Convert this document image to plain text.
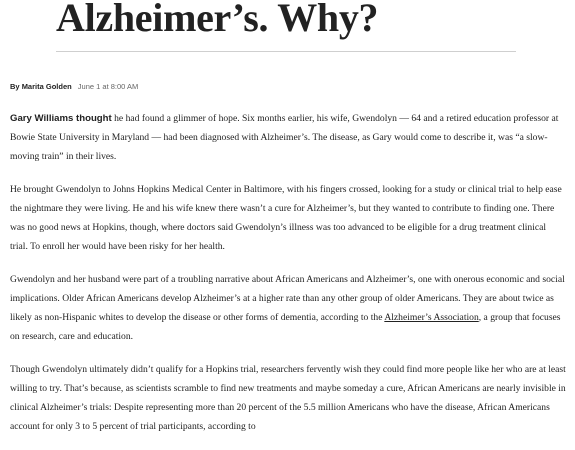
Alzheimer’s. Why?
By Marita Golden June 1 at 8:00 AM

Gary Williams thought he had found a glimmer of hope. Six months earlier, his wife, Gwendolyn — 64 and a retired education professor at Bowie State University in Maryland — had been diagnosed with Alzheimer’s. The disease, as Gary would come to describe it, was “a slow-moving train” in their lives.

He brought Gwendolyn to Johns Hopkins Medical Center in Baltimore, with his fingers crossed, looking for a study or clinical trial to help ease the nightmare they were living. He and his wife knew there wasn’t a cure for Alzheimer’s, but they wanted to contribute to finding one. There was no good news at Hopkins, though, where doctors said Gwendolyn’s illness was too advanced to be eligible for a drug treatment clinical trial. To enroll her would have been risky for her health.

Gwendolyn and her husband were part of a troubling narrative about African Americans and Alzheimer’s, one with onerous economic and social implications. Older African Americans develop Alzheimer’s at a higher rate than any other group of older Americans. They are about twice as likely as non-Hispanic whites to develop the disease or other forms of dementia, according to the Alzheimer’s Association, a group that focuses on research, care and education.

Though Gwendolyn ultimately didn’t qualify for a Hopkins trial, researchers fervently wish they could find more people like her who are at least willing to try. That’s because, as scientists scramble to find new treatments and maybe someday a cure, African Americans are nearly invisible in clinical Alzheimer’s trials: Despite representing more than 20 percent of the 5.5 million Americans who have the disease, African Americans account for only 3 to 5 percent of trial participants, according to
